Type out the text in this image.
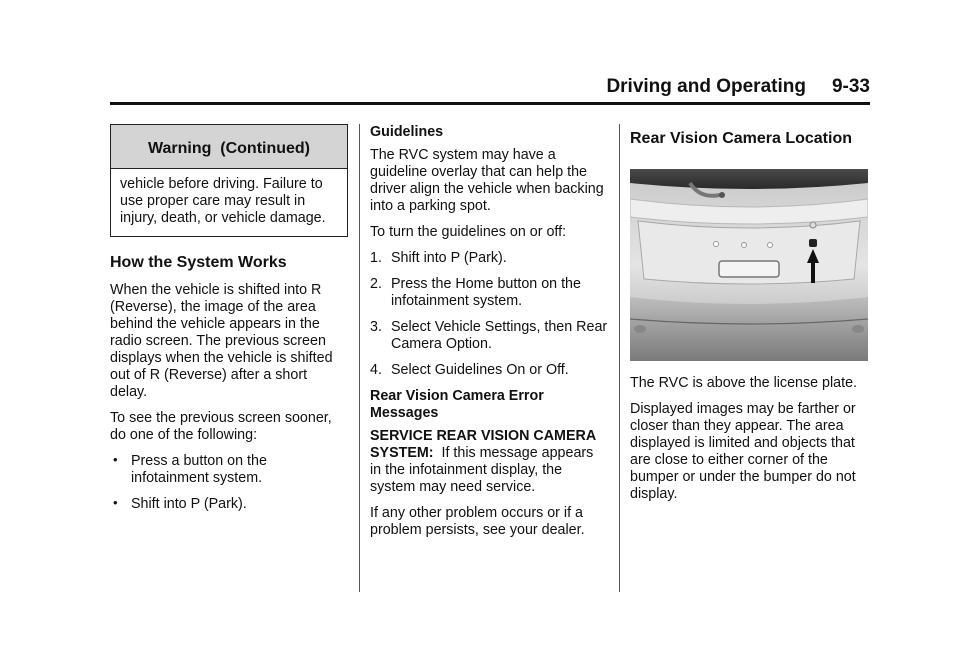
Driving and Operating 9-33
Warning  (Continued)
vehicle before driving. Failure to use proper care may result in injury, death, or vehicle damage.
How the System Works

When the vehicle is shifted into R (Reverse), the image of the area behind the vehicle appears in the radio screen. The previous screen displays when the vehicle is shifted out of R (Reverse) after a short delay.

To see the previous screen sooner, do one of the following:

• Press a button on the infotainment system.
• Shift into P (Park).
Guidelines

The RVC system may have a guideline overlay that can help the driver align the vehicle when backing into a parking spot.

To turn the guidelines on or off:

1. Shift into P (Park).
2. Press the Home button on the infotainment system.
3. Select Vehicle Settings, then Rear Camera Option.
4. Select Guidelines On or Off.
Rear Vision Camera Error Messages

SERVICE REAR VISION CAMERA SYSTEM: If this message appears in the infotainment display, the system may need service.

If any other problem occurs or if a problem persists, see your dealer.

Rear Vision Camera Location

The RVC is above the license plate.

Displayed images may be farther or closer than they appear. The area displayed is limited and objects that are close to either corner of the bumper or under the bumper do not display.
